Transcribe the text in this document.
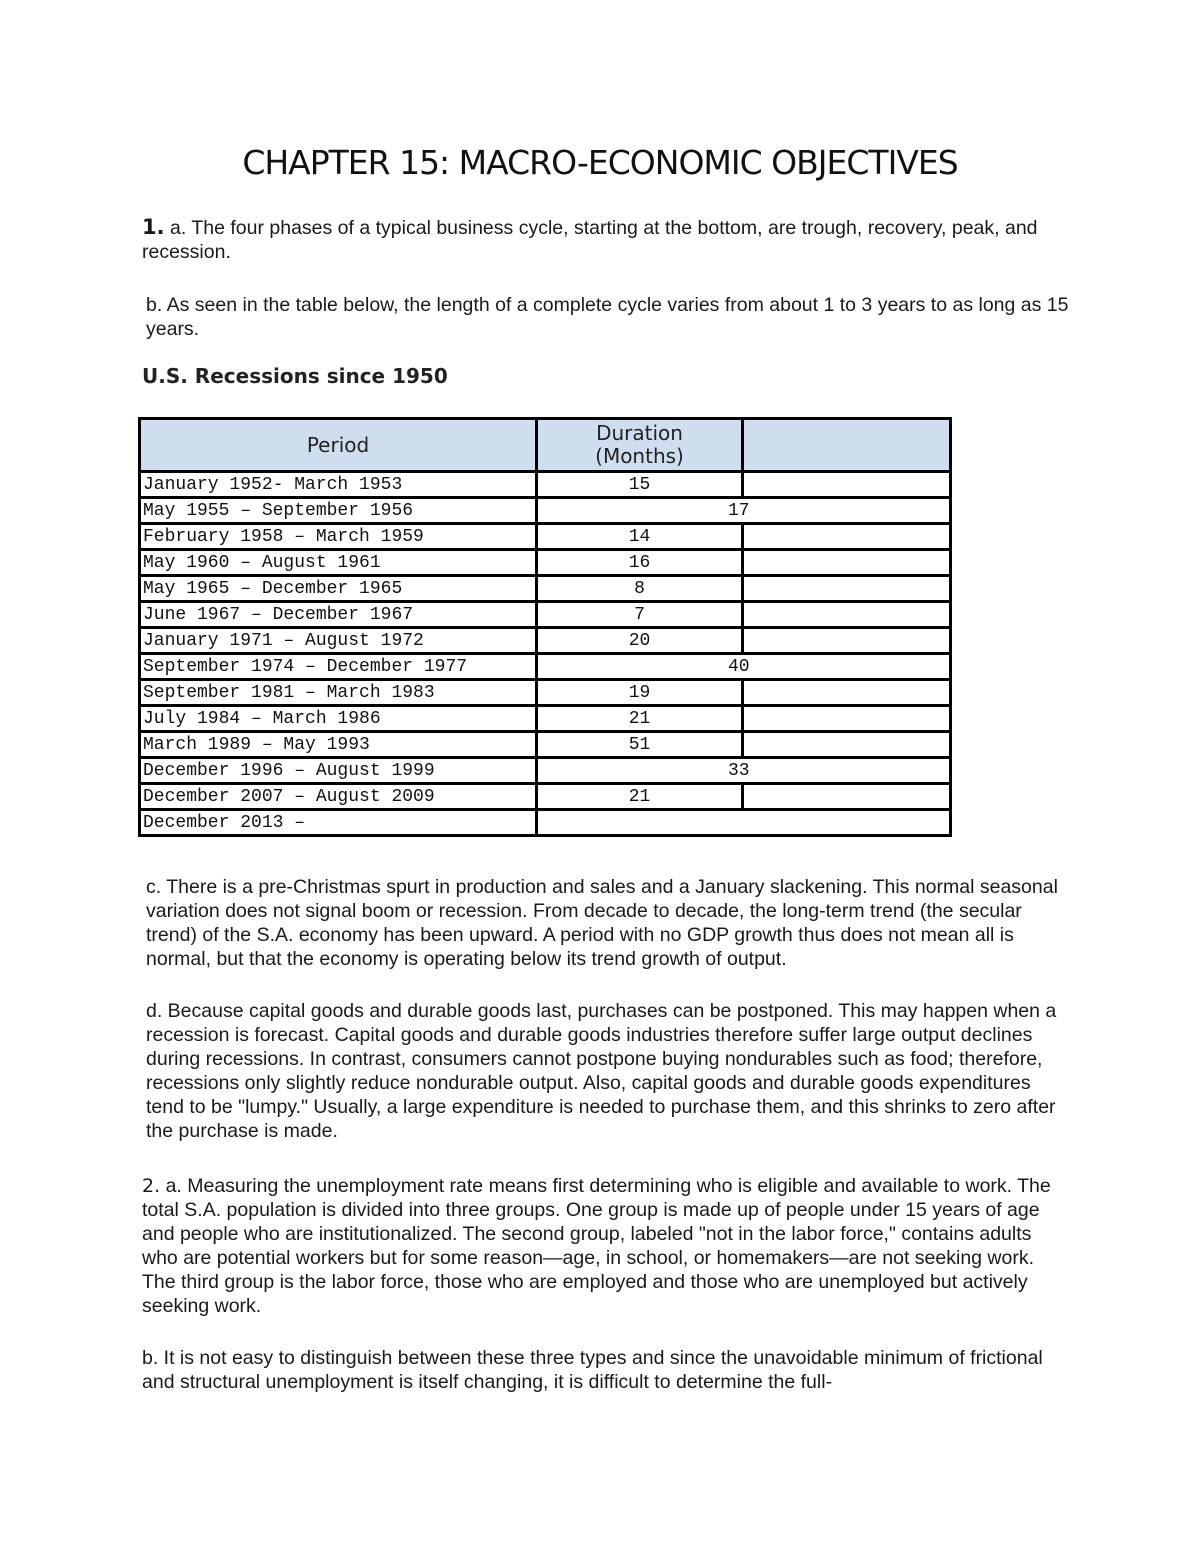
CHAPTER 15: MACRO-ECONOMIC OBJECTIVES

1. a. The four phases of a typical business cycle, starting at the bottom, are trough, recovery, peak, and recession.

b. As seen in the table below, the length of a complete cycle varies from about 1 to 3 years to as long as 15 years.

U.S. Recessions since 1950
Period	Duration
(Months)	
January 1952- March 1953	15	
May 1955 – September 1956	17	
February 1958 – March 1959	14	
May 1960 – August 1961	16	
May 1965 – December 1965	8	
June 1967 – December 1967	7	
January 1971 – August 1972	20	
September 1974 – December 1977	40	
September 1981 – March 1983	19	
July 1984 – March 1986	21	
March 1989 – May 1993	51	
December 1996 – August 1999	33	
December 2007 – August 2009	21	
December 2013 –		

c. There is a pre-Christmas spurt in production and sales and a January slackening. This normal seasonal variation does not signal boom or recession. From decade to decade, the long-term trend (the secular trend) of the S.A. economy has been upward. A period with no GDP growth thus does not mean all is normal, but that the economy is operating below its trend growth of output.

d. Because capital goods and durable goods last, purchases can be postponed. This may happen when a recession is forecast. Capital goods and durable goods industries therefore suffer large output declines during recessions. In contrast, consumers cannot postpone buying nondurables such as food; therefore, recessions only slightly reduce nondurable output. Also, capital goods and durable goods expenditures tend to be "lumpy." Usually, a large expenditure is needed to purchase them, and this shrinks to zero after the purchase is made.

2. a. Measuring the unemployment rate means first determining who is eligible and available to work. The total S.A. population is divided into three groups. One group is made up of people under 15 years of age and people who are institutionalized. The second group, labeled "not in the labor force," contains adults who are potential workers but for some reason—age, in school, or homemakers—are not seeking work. The third group is the labor force, those who are employed and those who are unemployed but actively seeking work.

b. It is not easy to distinguish between these three types and since the unavoidable minimum of frictional and structural unemployment is itself changing, it is difficult to determine the full-
